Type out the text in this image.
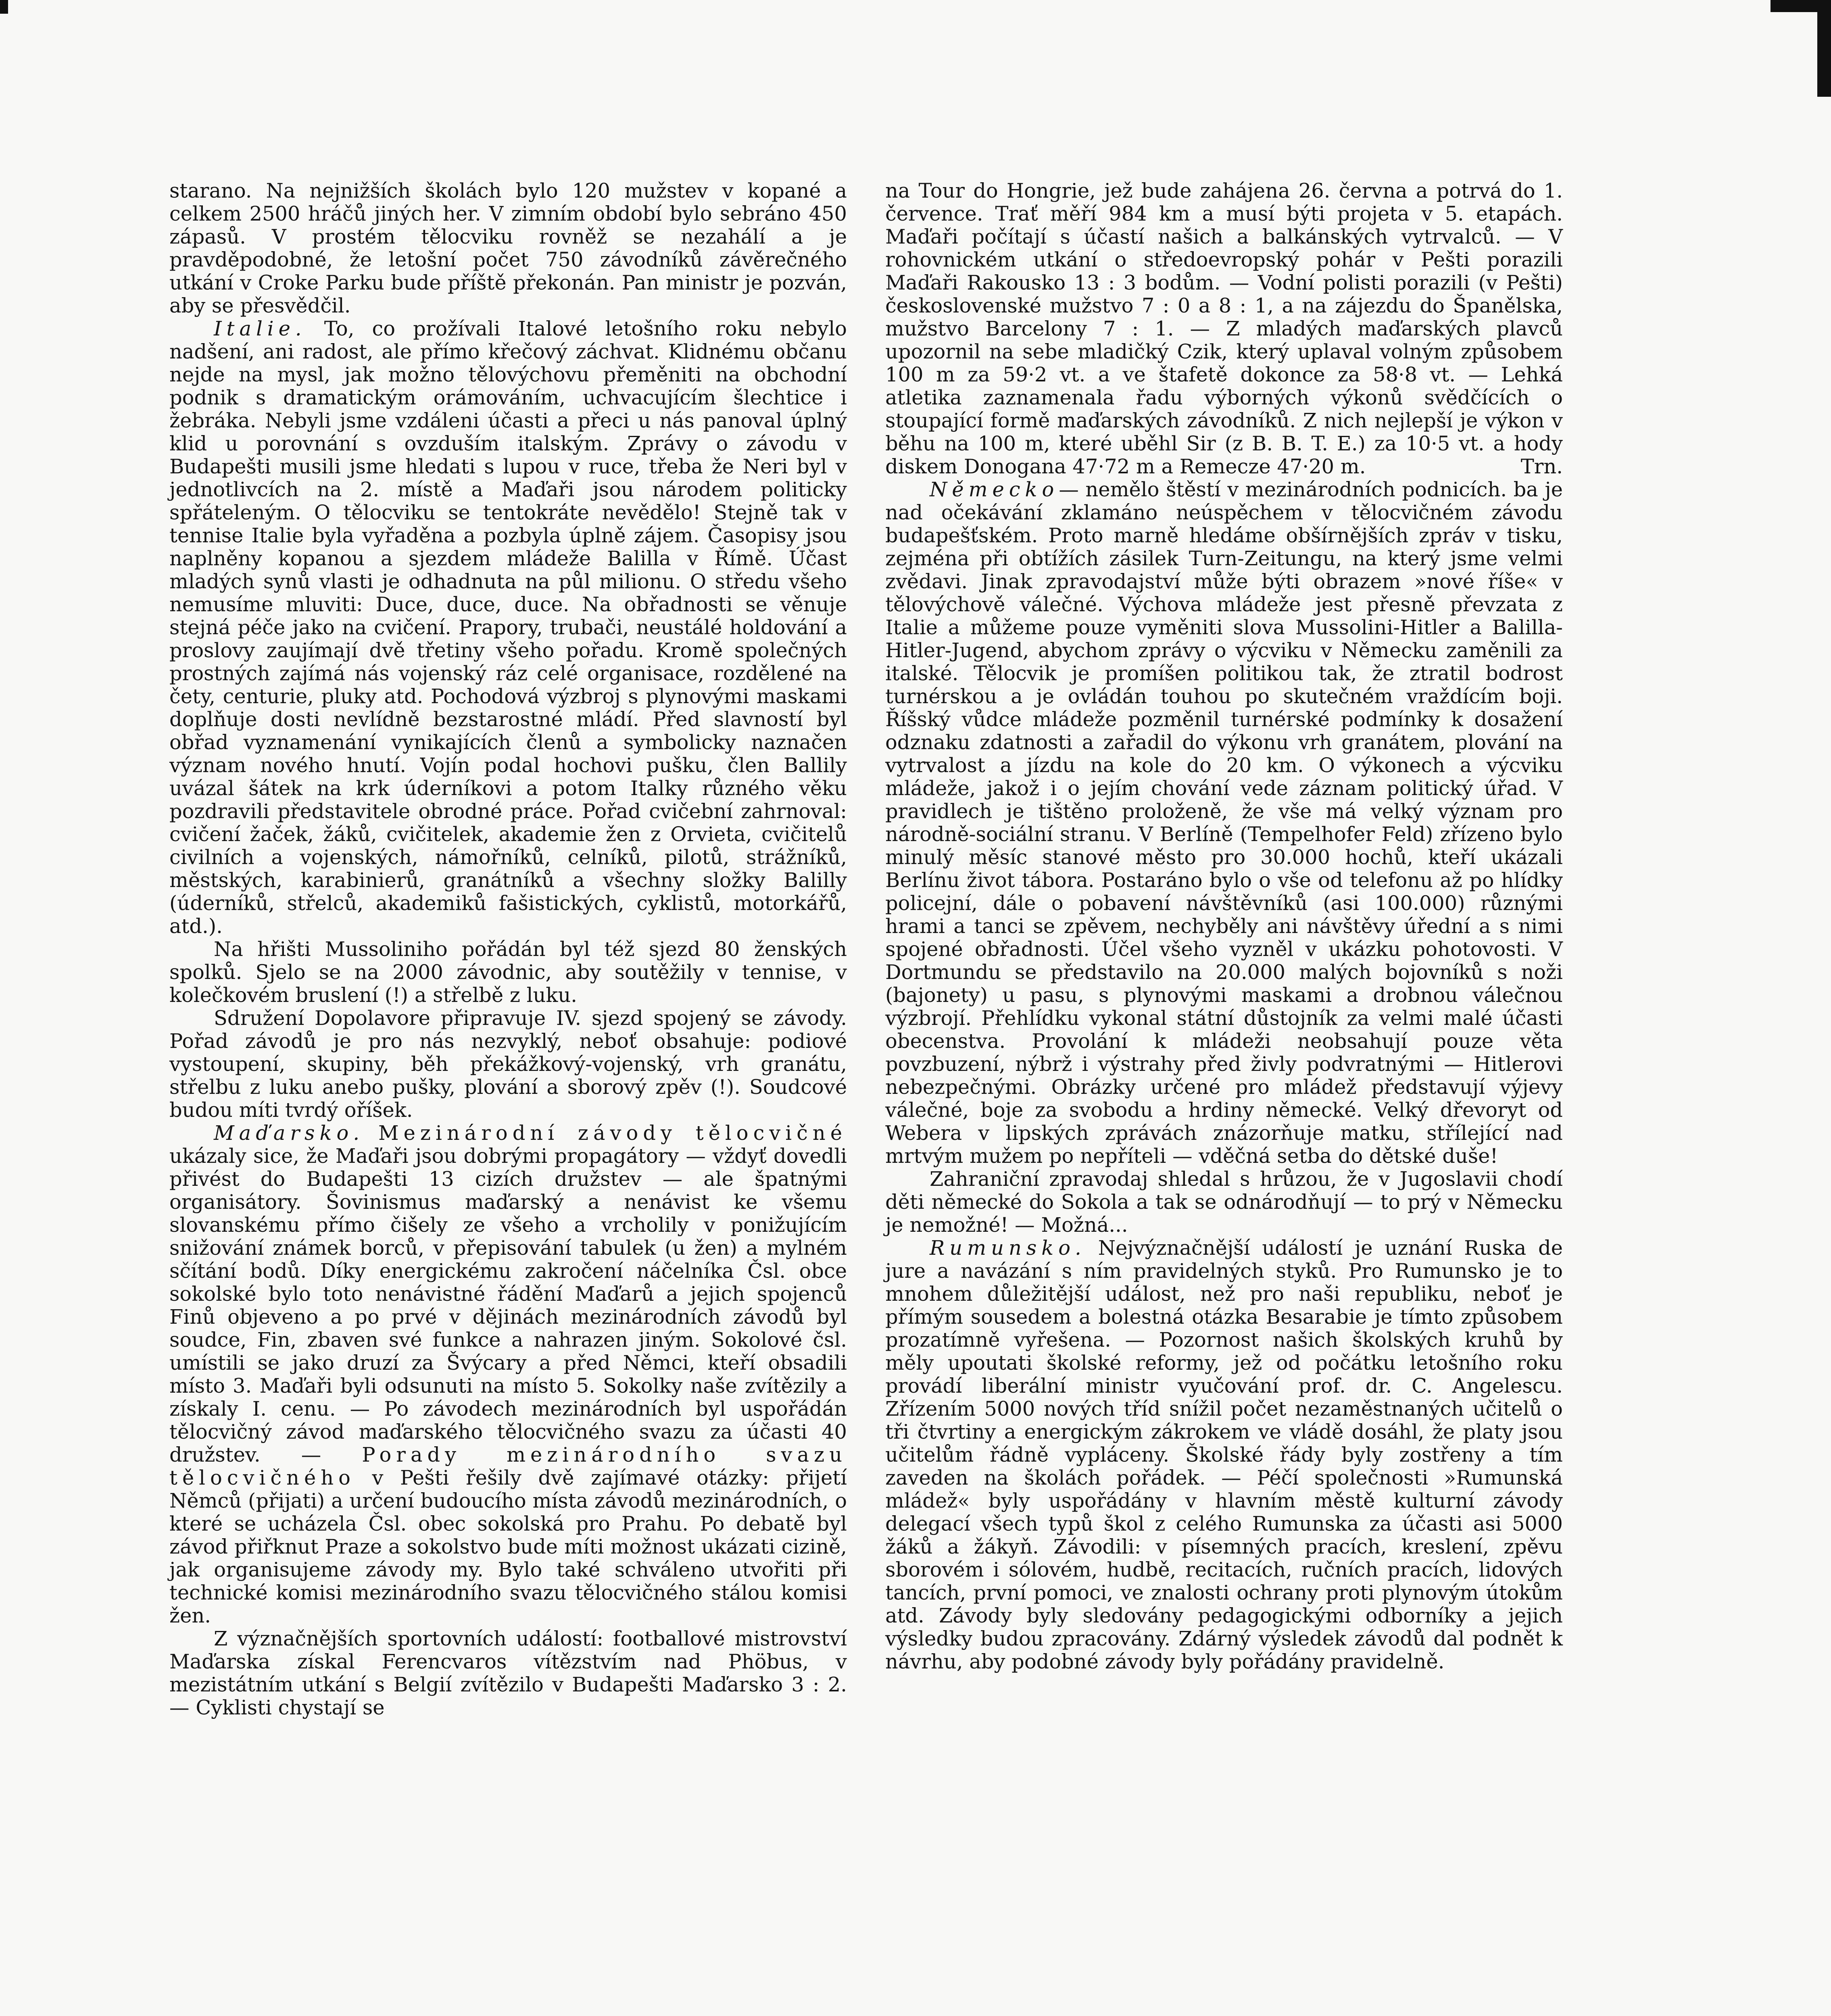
starano. Na nejnižších školách bylo 120 mužstev v kopané a celkem 2500 hráčů jiných her. V zimním období bylo sebráno 450 zápasů. V prostém tělocviku rovněž se nezahálí a je pravděpodobné, že letošní počet 750 závodníků závěrečného utkání v Croke Parku bude příště překonán. Pan ministr je pozván, aby se přesvědčil.

Italie. To, co prožívali Italové letošního roku nebylo nadšení, ani radost, ale přímo křečový záchvat. Klidnému občanu nejde na mysl, jak možno tělovýchovu přeměniti na obchodní podnik s dramatickým orámováním, uchvacujícím šlechtice i žebráka. Nebyli jsme vzdáleni účasti a přeci u nás panoval úplný klid u porovnání s ovzduším italským. Zprávy o závodu v Budapešti musili jsme hledati s lupou v ruce, třeba že Neri byl v jednotlivcích na 2. místě a Maďaři jsou národem politicky spřáteleným. O tělocviku se tentokráte nevědělo! Stejně tak v tennise Italie byla vyřaděna a pozbyla úplně zájem. Časopisy jsou naplněny kopanou a sjezdem mládeže Balilla v Římě. Účast mladých synů vlasti je odhadnuta na půl milionu. O středu všeho nemusíme mluviti: Duce, duce, duce. Na obřadnosti se věnuje stejná péče jako na cvičení. Prapory, trubači, neustálé holdování a proslovy zaujímají dvě třetiny všeho pořadu. Kromě společných prostných zajímá nás vojenský ráz celé organisace, rozdělené na čety, centurie, pluky atd. Pochodová výzbroj s plynovými maskami doplňuje dosti nevlídně bezstarostné mládí. Před slavností byl obřad vyznamenání vynikajících členů a symbolicky naznačen význam nového hnutí. Vojín podal hochovi pušku, člen Ballily uvázal šátek na krk úderníkovi a potom Italky různého věku pozdravili představitele obrodné práce. Pořad cvičební zahrnoval: cvičení žaček, žáků, cvičitelek, akademie žen z Orvieta, cvičitelů civilních a vojenských, námořníků, celníků, pilotů, strážníků, městských, karabinierů, granátníků a všechny složky Balilly (úderníků, střelců, akademiků fašistických, cyklistů, motorkářů, atd.).

Na hřišti Mussoliniho pořádán byl též sjezd 80 ženských spolků. Sjelo se na 2000 závodnic, aby soutěžily v tennise, v kolečkovém bruslení (!) a střelbě z luku.

Sdružení Dopolavore připravuje IV. sjezd spojený se závody. Pořad závodů je pro nás nezvyklý, neboť obsahuje: podiové vystoupení, skupiny, běh překážkový-vojenský, vrh granátu, střelbu z luku anebo pušky, plování a sborový zpěv (!). Soudcové budou míti tvrdý oříšek.

Maďarsko. Mezinárodní závody tělocvičné ukázaly sice, že Maďaři jsou dobrými propagátory — vždyť dovedli přivést do Budapešti 13 cizích družstev — ale špatnými organisátory. Šovinismus maďarský a nenávist ke všemu slovanskému přímo čišely ze všeho a vrcholily v ponižujícím snižování známek borců, v přepisování tabulek (u žen) a mylném sčítání bodů. Díky energickému zakročení náčelníka Čsl. obce sokolské bylo toto nenávistné řádění Maďarů a jejich spojenců Finů objeveno a po prvé v dějinách mezinárodních závodů byl soudce, Fin, zbaven své funkce a nahrazen jiným. Sokolové čsl. umístili se jako druzí za Švýcary a před Němci, kteří obsadili místo 3. Maďaři byli odsunuti na místo 5. Sokolky naše zvítězily a získaly I. cenu. — Po závodech mezinárodních byl uspořádán tělocvičný závod maďarského tělocvičného svazu za účasti 40 družstev. — Porady mezinárodního svazu tělocvičného v Pešti řešily dvě zajímavé otázky: přijetí Němců (přijati) a určení budoucího místa závodů mezinárodních, o které se ucházela Čsl. obec sokolská pro Prahu. Po debatě byl závod přiřknut Praze a sokolstvo bude míti možnost ukázati cizině, jak organisujeme závody my. Bylo také schváleno utvořiti při technické komisi mezinárodního svazu tělocvičného stálou komisi žen.

Z význačnějších sportovních událostí: footballové mistrovství Maďarska získal Ferencvaros vítězstvím nad Phöbus, v mezistátním utkání s Belgií zvítězilo v Budapešti Maďarsko 3 : 2. — Cyklisti chystají se

na Tour do Hongrie, jež bude zahájena 26. června a potrvá do 1. července. Trať měří 984 km a musí býti projeta v 5. etapách. Maďaři počítají s účastí našich a balkánských vytrvalců. — V rohovnickém utkání o středoevropský pohár v Pešti porazili Maďaři Rakousko 13 : 3 bodům. — Vodní polisti porazili (v Pešti) československé mužstvo 7 : 0 a 8 : 1, a na zájezdu do Španělska, mužstvo Barcelony 7 : 1. — Z mladých maďarských plavců upozornil na sebe mladičký Czik, který uplaval volným způsobem 100 m za 59·2 vt. a ve štafetě dokonce za 58·8 vt. — Lehká atletika zaznamenala řadu výborných výkonů svědčících o stoupající formě maďarských závodníků. Z nich nejlepší je výkon v běhu na 100 m, které uběhl Sir (z B. B. T. E.) za 10·5 vt. a hody diskem Donogana 47·72 m a Remecze 47·20 m.	Trn.

Německo— nemělo štěstí v mezinárodních podnicích. ba je nad očekávání zklamáno neúspěchem v tělocvičném závodu budapešťském. Proto marně hledáme obšírnějších zpráv v tisku, zejména při obtížích zásilek Turn-Zeitungu, na který jsme velmi zvědavi. Jinak zpravodajství může býti obrazem »nové říše« v tělovýchově válečné. Výchova mládeže jest přesně převzata z Italie a můžeme pouze vyměniti slova Mussolini-Hitler a Balilla-Hitler-Jugend, abychom zprávy o výcviku v Německu zaměnili za italské. Tělocvik je promíšen politikou tak, že ztratil bodrost turnérskou a je ovládán touhou po skutečném vraždícím boji. Říšský vůdce mládeže pozměnil turnérské podmínky k dosažení odznaku zdatnosti a zařadil do výkonu vrh granátem, plování na vytrvalost a jízdu na kole do 20 km. O výkonech a výcviku mládeže, jakož i o jejím chování vede záznam politický úřad. V pravidlech je tištěno proloženě, že vše má velký význam pro národně-sociální stranu. V Berlíně (Tempelhofer Feld) zřízeno bylo minulý měsíc stanové město pro 30.000 hochů, kteří ukázali Berlínu život tábora. Postaráno bylo o vše od telefonu až po hlídky policejní, dále o pobavení návštěvníků (asi 100.000) různými hrami a tanci se zpěvem, nechyběly ani návštěvy úřední a s nimi spojené obřadnosti. Účel všeho vyzněl v ukázku pohotovosti. V Dortmundu se představilo na 20.000 malých bojovníků s noži (bajonety) u pasu, s plynovými maskami a drobnou válečnou výzbrojí. Přehlídku vykonal státní důstojník za velmi malé účasti obecenstva. Provolání k mládeži neobsahují pouze věta povzbuzení, nýbrž i výstrahy před živly podvratnými — Hitlerovi nebezpečnými. Obrázky určené pro mládež představují výjevy válečné, boje za svobodu a hrdiny německé. Velký dřevoryt od Webera v lipských zprávách znázorňuje matku, střílející nad mrtvým mužem po nepříteli — vděčná setba do dětské duše!

Zahraniční zpravodaj shledal s hrůzou, že v Jugoslavii chodí děti německé do Sokola a tak se odnárodňují — to prý v Německu je nemožné! — Možná...

Rumunsko. Nejvýznačnější událostí je uznání Ruska de jure a navázání s ním pravidelných styků. Pro Rumunsko je to mnohem důležitější událost, než pro naši republiku, neboť je přímým sousedem a bolestná otázka Besarabie je tímto způsobem prozatímně vyřešena. — Pozornost našich školských kruhů by měly upoutati školské reformy, jež od počátku letošního roku provádí liberální ministr vyučování prof. dr. C. Angelescu. Zřízením 5000 nových tříd snížil počet nezaměstnaných učitelů o tři čtvrtiny a energickým zákrokem ve vládě dosáhl, že platy jsou učitelům řádně vypláceny. Školské řády byly zostřeny a tím zaveden na školách pořádek. — Péčí společnosti »Rumunská mládež« byly uspořádány v hlavním městě kulturní závody delegací všech typů škol z celého Rumunska za účasti asi 5000 žáků a žákyň. Závodili: v písemných pracích, kreslení, zpěvu sborovém i sólovém, hudbě, recitacích, ručních pracích, lidových tancích, první pomoci, ve znalosti ochrany proti plynovým útokům atd. Závody byly sledovány pedagogickými odborníky a jejich výsledky budou zpracovány. Zdárný výsledek závodů dal podnět k návrhu, aby podobné závody byly pořádány pravidelně.
